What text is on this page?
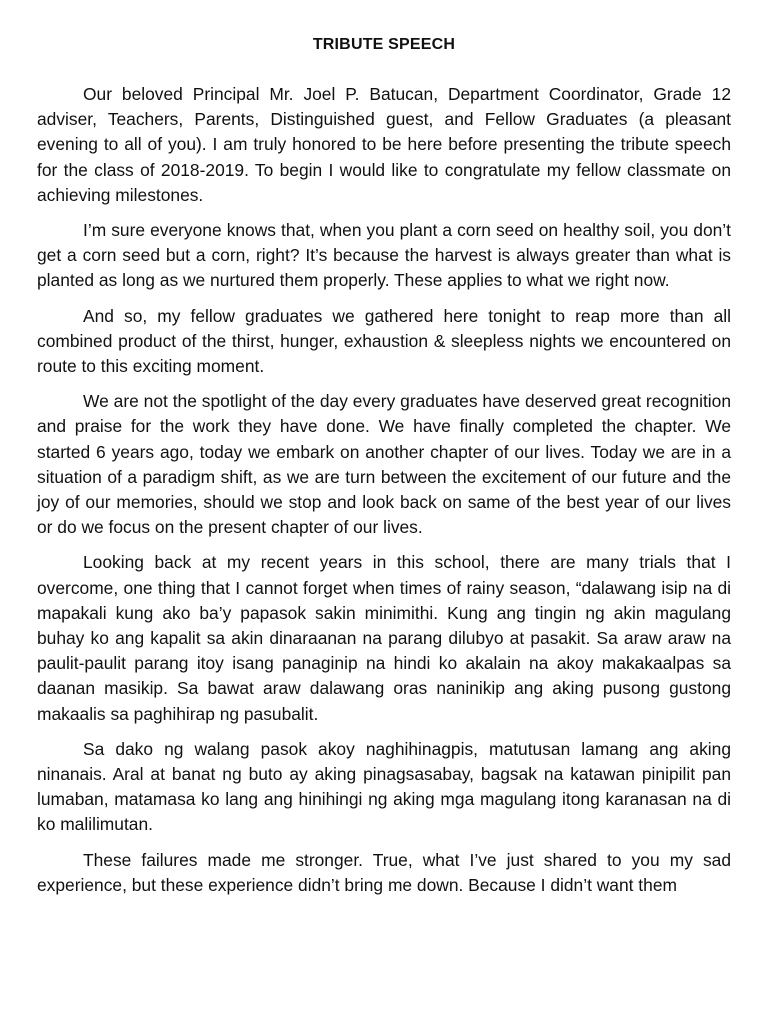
TRIBUTE SPEECH

Our beloved Principal Mr. Joel P. Batucan, Department Coordinator, Grade 12 adviser, Teachers, Parents, Distinguished guest, and Fellow Graduates (a pleasant evening to all of you). I am truly honored to be here before presenting the tribute speech for the class of 2018-2019. To begin I would like to congratulate my fellow classmate on achieving milestones.

I’m sure everyone knows that, when you plant a corn seed on healthy soil, you don’t get a corn seed but a corn, right? It’s because the harvest is always greater than what is planted as long as we nurtured them properly. These applies to what we right now.

And so, my fellow graduates we gathered here tonight to reap more than all combined product of the thirst, hunger, exhaustion & sleepless nights we encountered on route to this exciting moment.

We are not the spotlight of the day every graduates have deserved great recognition and praise for the work they have done. We have finally completed the chapter. We started 6 years ago, today we embark on another chapter of our lives. Today we are in a situation of a paradigm shift, as we are turn between the excitement of our future and the joy of our memories, should we stop and look back on same of the best year of our lives or do we focus on the present chapter of our lives.

Looking back at my recent years in this school, there are many trials that I overcome, one thing that I cannot forget when times of rainy season, “dalawang isip na di mapakali kung ako ba’y papasok sakin minimithi. Kung ang tingin ng akin magulang buhay ko ang kapalit sa akin dinaraanan na parang dilubyo at pasakit. Sa araw araw na paulit-paulit parang itoy isang panaginip na hindi ko akalain na akoy makakaalpas sa daanan masikip. Sa bawat araw dalawang oras naninikip ang aking pusong gustong makaalis sa paghihirap ng pasubalit.

Sa dako ng walang pasok akoy naghihinagpis, matutusan lamang ang aking ninanais. Aral at banat ng buto ay aking pinagsasabay, bagsak na katawan pinipilit pan lumaban, matamasa ko lang ang hinihingi ng aking mga magulang itong karanasan na di ko malilimutan.

These failures made me stronger. True, what I’ve just shared to you my sad experience, but these experience didn’t bring me down. Because I didn’t want them
